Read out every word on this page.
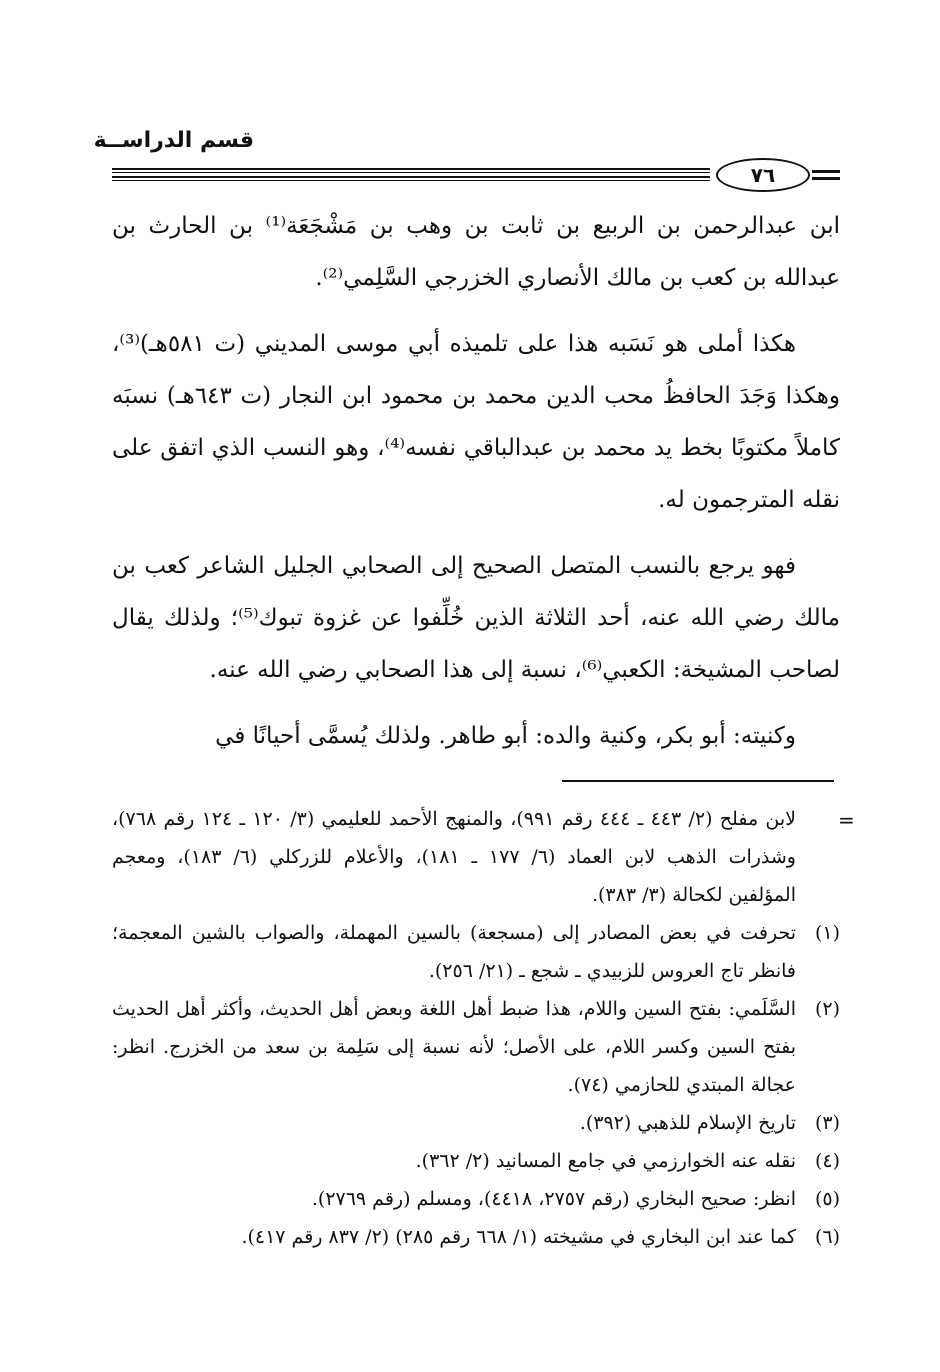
قسم الدراســة
٧٦

ابن عبدالرحمن بن الربيع بن ثابت بن وهب بن مَشْجَعَة⁽¹⁾ بن الحارث بن عبدالله بن كعب بن مالك الأنصاري الخزرجي السَّلِمي⁽²⁾.

هكذا أملى هو نَسَبه هذا على تلميذه أبي موسى المديني (ت ٥٨١هـ)⁽³⁾، وهكذا وَجَدَ الحافظُ محب الدين محمد بن محمود ابن النجار (ت ٦٤٣هـ) نسبَه كاملاً مكتوبًا بخط يد محمد بن عبدالباقي نفسه⁽⁴⁾، وهو النسب الذي اتفق على نقله المترجمون له.

فهو يرجع بالنسب المتصل الصحيح إلى الصحابي الجليل الشاعر كعب بن مالك رضي الله عنه، أحد الثلاثة الذين خُلِّفوا عن غزوة تبوك⁽⁵⁾؛ ولذلك يقال لصاحب المشيخة: الكعبي⁽⁶⁾، نسبة إلى هذا الصحابي رضي الله عنه.

وكنيته: أبو بكر، وكنية والده: أبو طاهر. ولذلك يُسمَّى أحيانًا في

=
لابن مفلح (٢/ ٤٤٣ ـ ٤٤٤ رقم ٩٩١)، والمنهج الأحمد للعليمي (٣/ ١٢٠ ـ ١٢٤ رقم ٧٦٨)، وشذرات الذهب لابن العماد (٦/ ١٧٧ ـ ١٨١)، والأعلام للزركلي (٦/ ١٨٣)، ومعجم المؤلفين لكحالة (٣/ ٣٨٣).
(١)
تحرفت في بعض المصادر إلى (مسجعة) بالسين المهملة، والصواب بالشين المعجمة؛ فانظر تاج العروس للزبيدي ـ شجع ـ (٢١/ ٢٥٦).
(٢)
السَّلَمي: بفتح السين واللام، هذا ضبط أهل اللغة وبعض أهل الحديث، وأكثر أهل الحديث بفتح السين وكسر اللام، على الأصل؛ لأنه نسبة إلى سَلِمة بن سعد من الخزرج. انظر: عجالة المبتدي للحازمي (٧٤).
(٣)
تاريخ الإسلام للذهبي (٣٩٢).
(٤)
نقله عنه الخوارزمي في جامع المسانيد (٢/ ٣٦٢).
(٥)
انظر: صحيح البخاري (رقم ٢٧٥٧، ٤٤١٨)، ومسلم (رقم ٢٧٦٩).
(٦)
كما عند ابن البخاري في مشيخته (١/ ٦٦٨ رقم ٢٨٥) (٢/ ٨٣٧ رقم ٤١٧).
